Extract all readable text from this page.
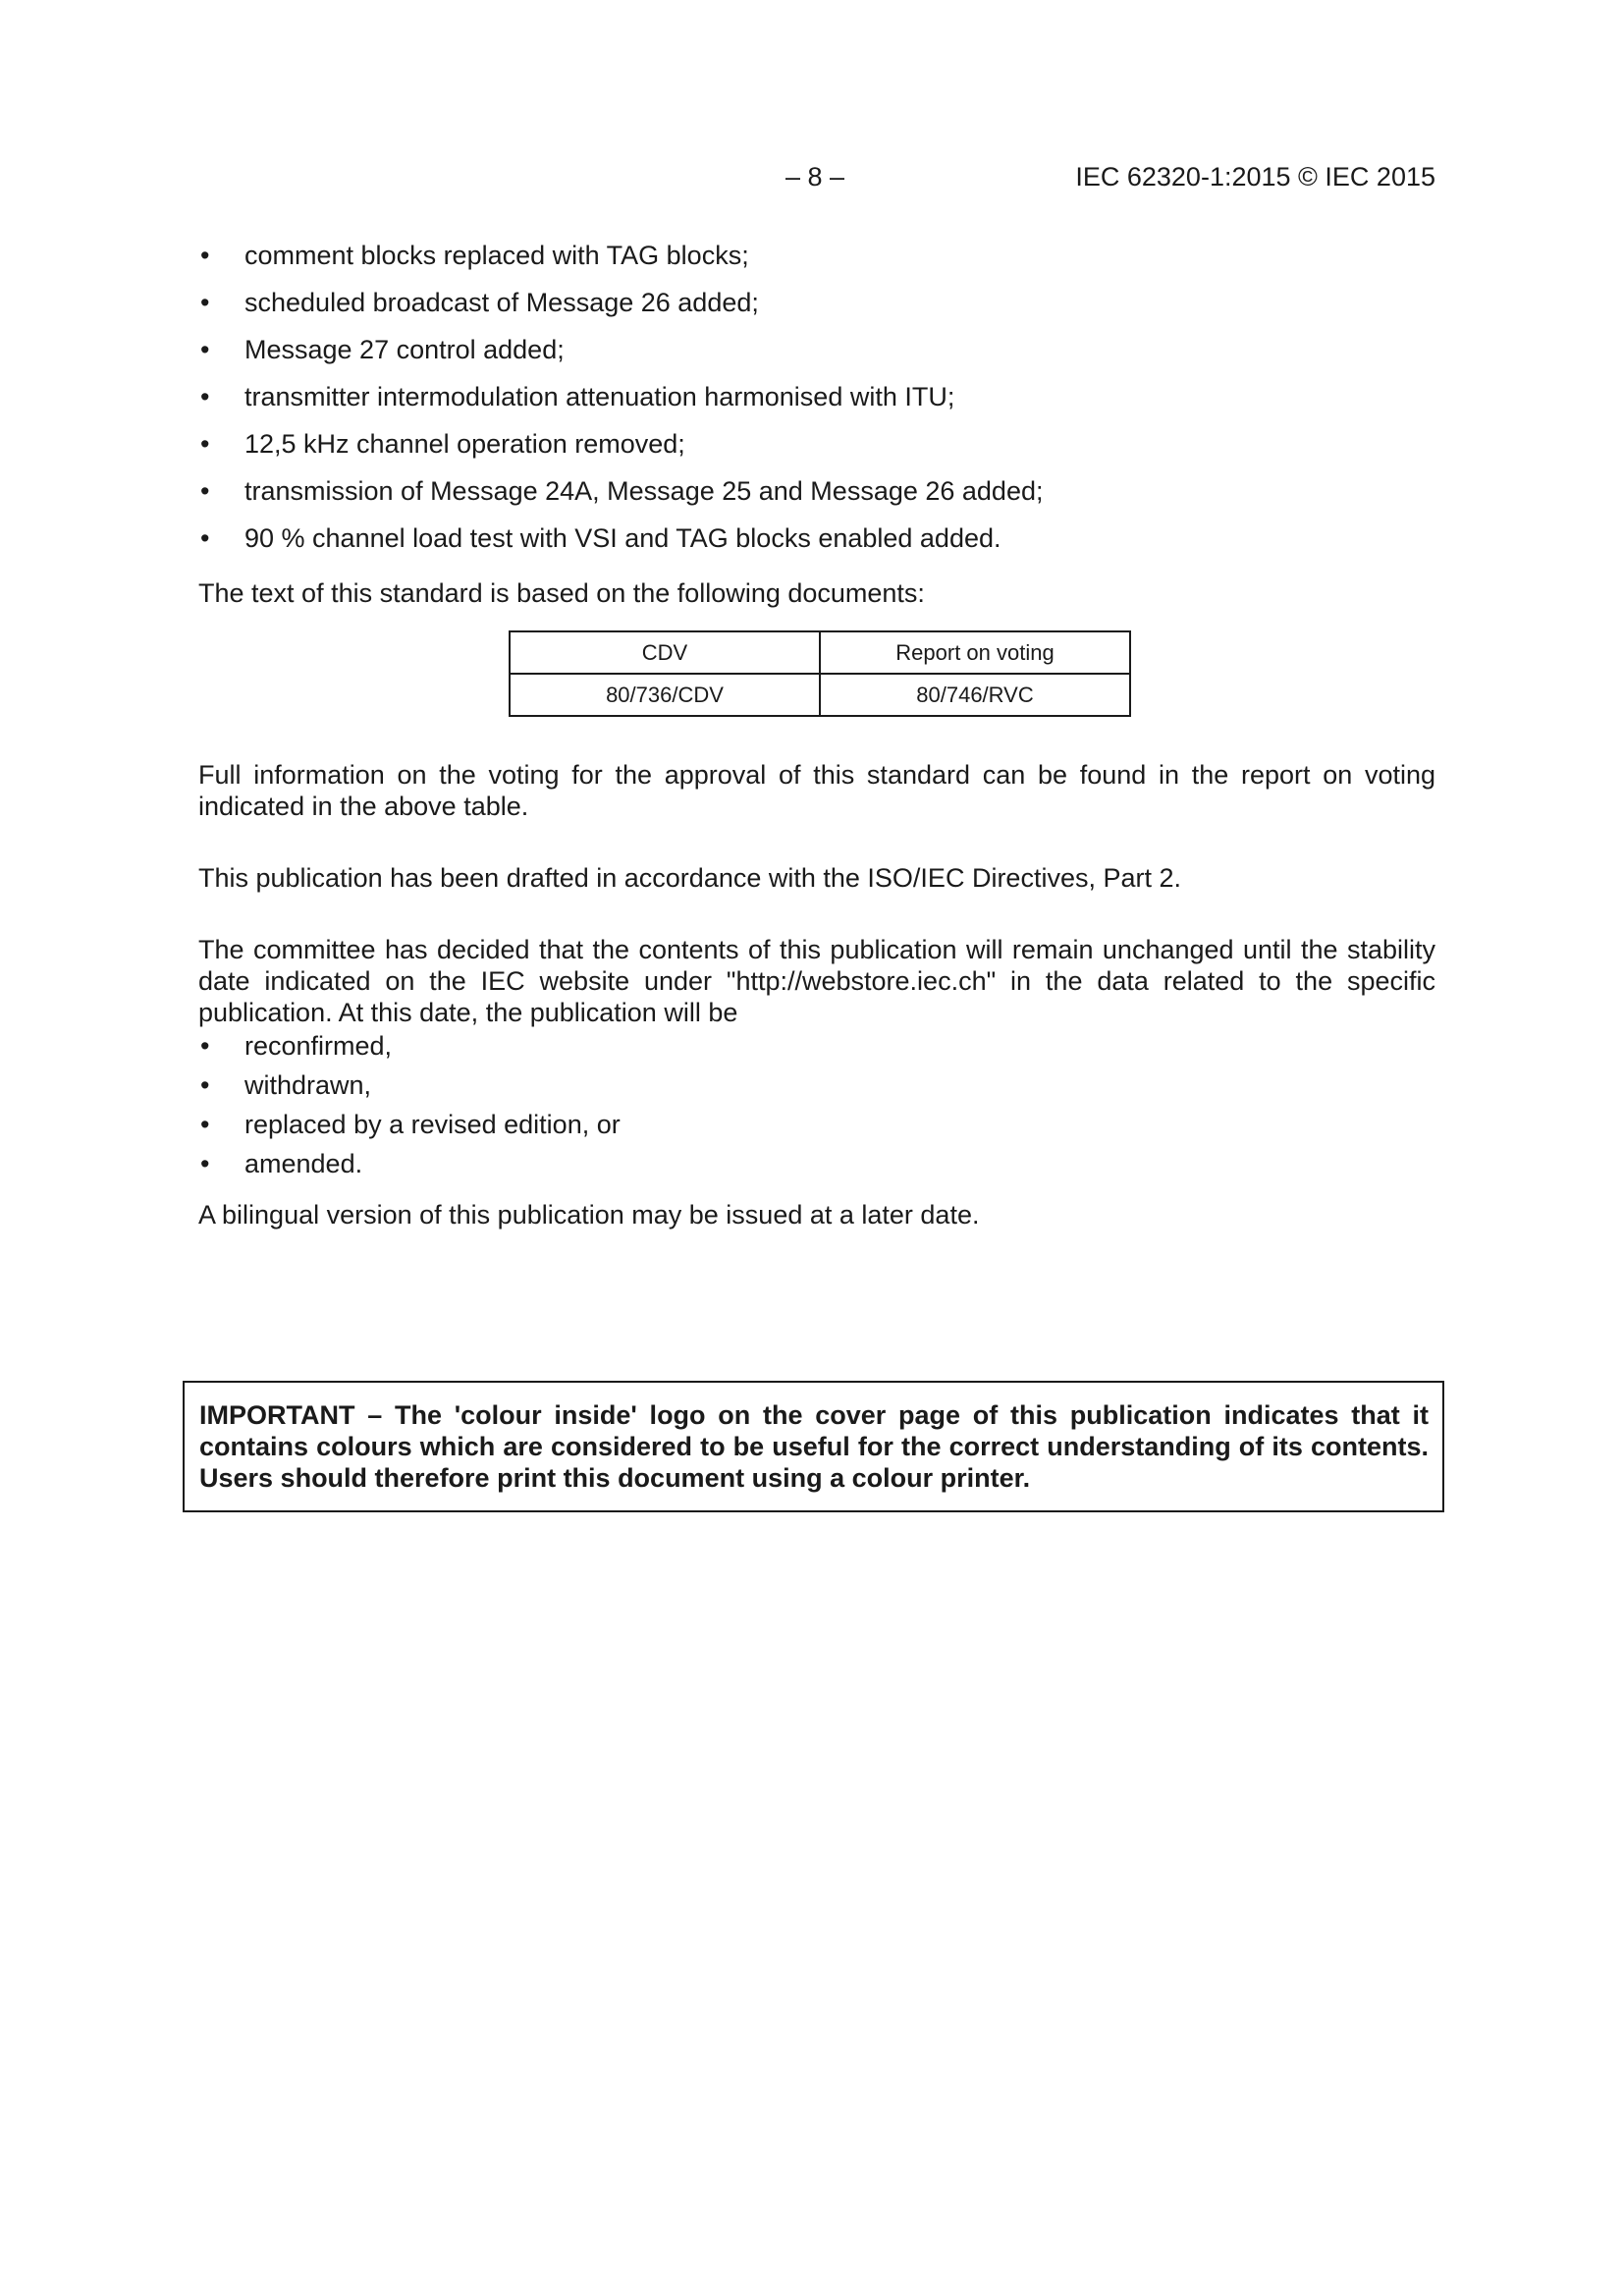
– 8 –	IEC 62320-1:2015 © IEC 2015
• comment blocks replaced with TAG blocks;
• scheduled broadcast of Message 26 added;
• Message 27 control added;
• transmitter intermodulation attenuation harmonised with ITU;
• 12,5 kHz channel operation removed;
• transmission of Message 24A, Message 25 and Message 26 added;
• 90 % channel load test with VSI and TAG blocks enabled added.

The text of this standard is based on the following documents:

CDV	Report on voting
80/736/CDV	80/746/RVC

Full information on the voting for the approval of this standard can be found in the report on voting indicated in the above table.

This publication has been drafted in accordance with the ISO/IEC Directives, Part 2.

The committee has decided that the contents of this publication will remain unchanged until the stability date indicated on the IEC website under "http://webstore.iec.ch" in the data related to the specific publication. At this date, the publication will be

• reconfirmed,
• withdrawn,
• replaced by a revised edition, or
• amended.

A bilingual version of this publication may be issued at a later date.

IMPORTANT – The 'colour inside' logo on the cover page of this publication indicates that it contains colours which are considered to be useful for the correct understanding of its contents. Users should therefore print this document using a colour printer.
